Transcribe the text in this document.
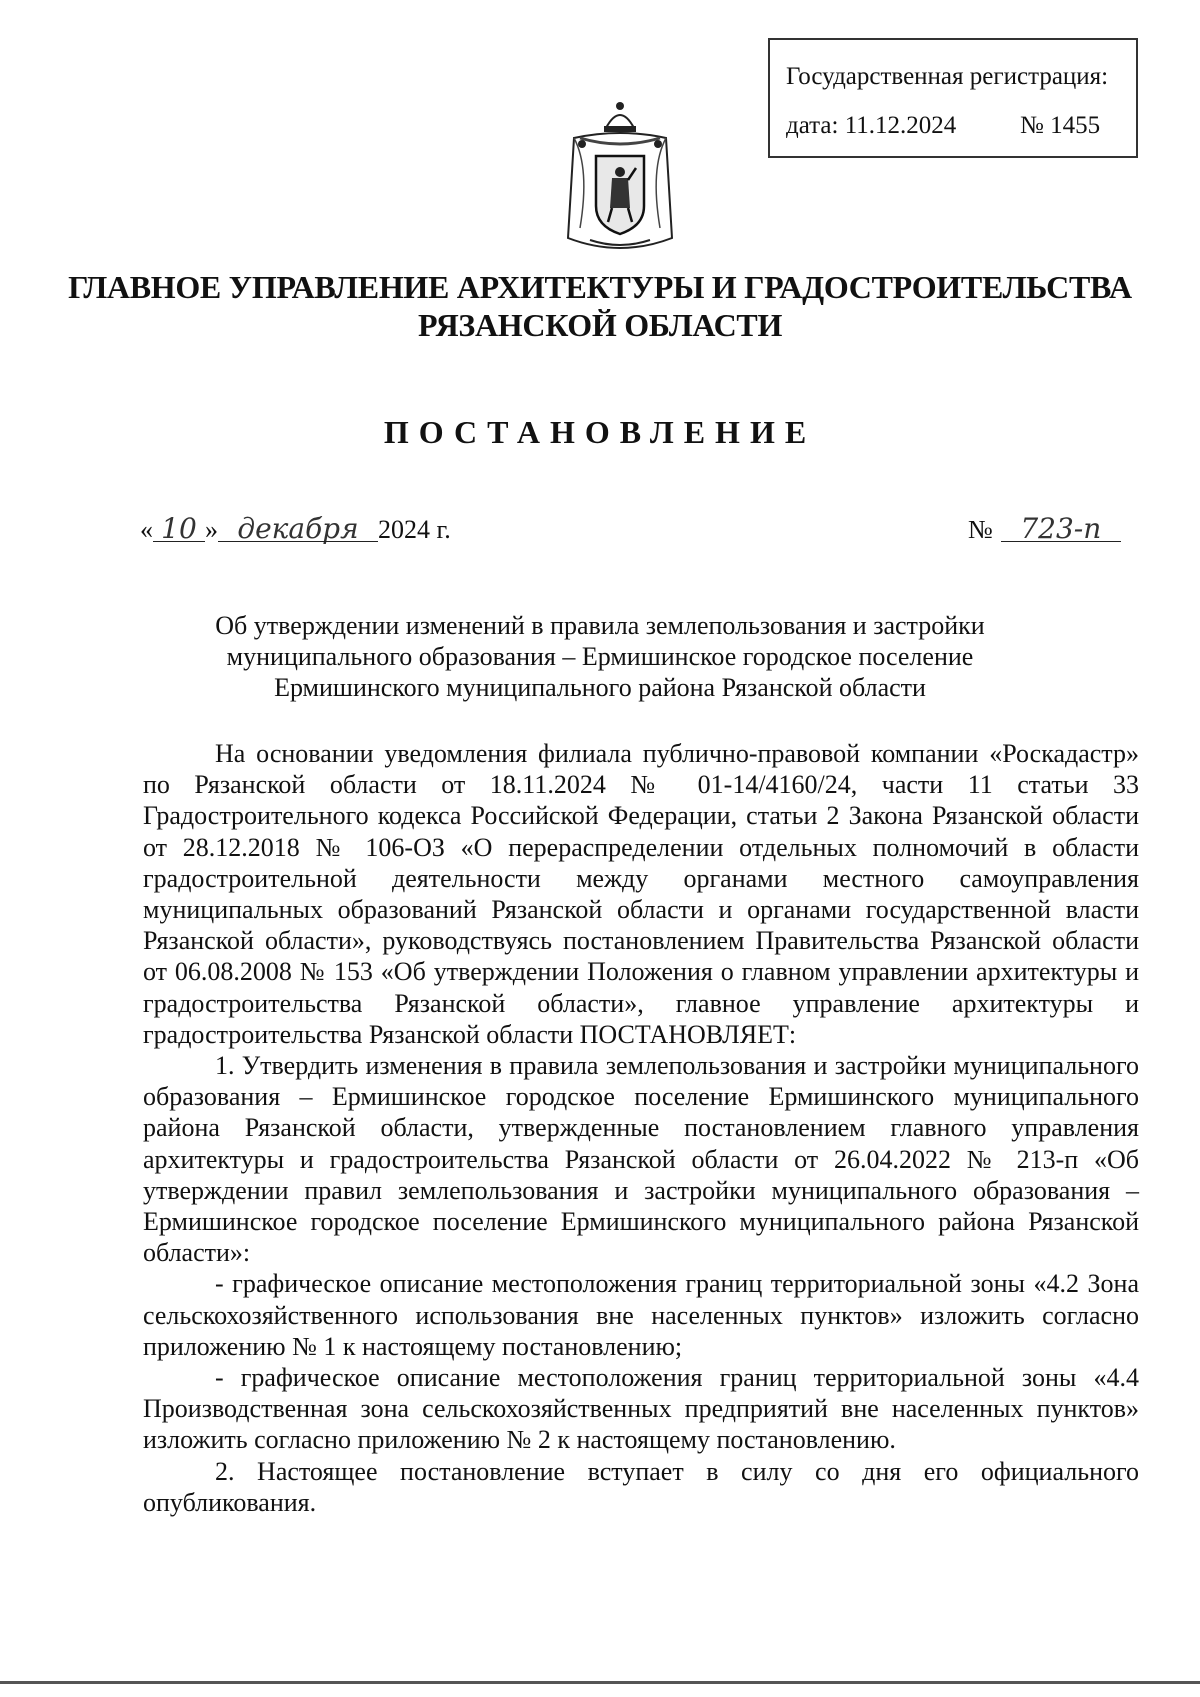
Государственная регистрация:
дата: 11.12.2024	№ 1455
ГЛАВНОЕ УПРАВЛЕНИЕ АРХИТЕКТУРЫ И ГРАДОСТРОИТЕЛЬСТВА
РЯЗАНСКОЙ ОБЛАСТИ
ПОСТАНОВЛЕНИЕ
« 10 » декабря 2024 г.	№ 723-п
Об утверждении изменений в правила землепользования и застройки
муниципального образования – Ермишинское городское поселение
Ермишинского муниципального района Рязанской области

На основании уведомления филиала публично-правовой компании «Роскадастр» по Рязанской области от 18.11.2024 № 01-14/4160/24, части 11 статьи 33 Градостроительного кодекса Российской Федерации, статьи 2 Закона Рязанской области от 28.12.2018 № 106-ОЗ «О перераспределении отдельных полномочий в области градостроительной деятельности между органами местного самоуправления муниципальных образований Рязанской области и органами государственной власти Рязанской области», руководствуясь постановлением Правительства Рязанской области от 06.08.2008 № 153 «Об утверждении Положения о главном управлении архитектуры и градостроительства Рязанской области», главное управление архитектуры и градостроительства Рязанской области ПОСТАНОВЛЯЕТ:

1. Утвердить изменения в правила землепользования и застройки муниципального образования – Ермишинское городское поселение Ермишинского муниципального района Рязанской области, утвержденные постановлением главного управления архитектуры и градостроительства Рязанской области от 26.04.2022 № 213-п «Об утверждении правил землепользования и застройки муниципального образования – Ермишинское городское поселение Ермишинского муниципального района Рязанской области»:

- графическое описание местоположения границ территориальной зоны «4.2 Зона сельскохозяйственного использования вне населенных пунктов» изложить согласно приложению № 1 к настоящему постановлению;

- графическое описание местоположения границ территориальной зоны «4.4 Производственная зона сельскохозяйственных предприятий вне населенных пунктов» изложить согласно приложению № 2 к настоящему постановлению.

2. Настоящее постановление вступает в силу со дня его официального опубликования.
